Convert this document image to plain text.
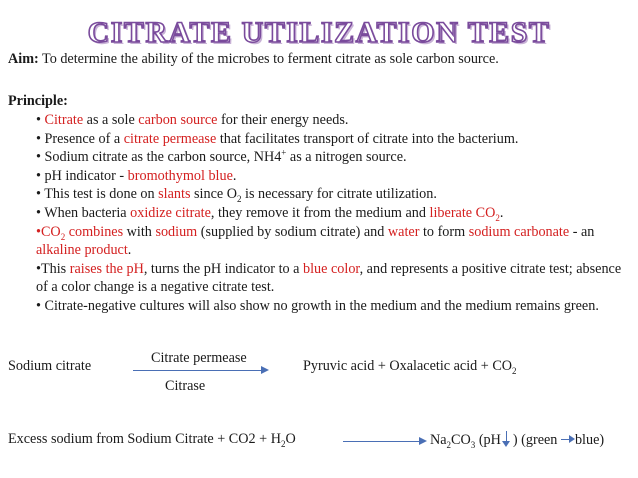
CITRATE UTILIZATION TEST
Aim: To determine the ability of the microbes to ferment citrate as sole carbon source.
Principle:

• Citrate as a sole carbon source for their energy needs.

• Presence of a citrate permease that facilitates transport of citrate into the bacterium.

• Sodium citrate as the carbon source, NH4+ as a nitrogen source.

• pH indicator - bromothymol blue.

• This test is done on slants since $O_2$ is necessary for citrate utilization.

• When bacteria oxidize citrate, they remove it from the medium and liberate $CO_2$.

$•CO_2$ combines with sodium (supplied by sodium citrate) and water to form sodium carbonate - an alkaline product.

•This raises the pH, turns the pH indicator to a blue color, and represents a positive citrate test; absence of a color change is a negative citrate test.

• Citrate-negative cultures will also show no growth in the medium and the medium remains green.

Sodium citrate	Citrate permease
Citrase
Pyruvic acid + Oxalacetic acid + $CO_2$
Excess sodium from Sodium Citrate + $CO2 + H_2O$	$Na_2CO_3$ (pH ) (green blue)
